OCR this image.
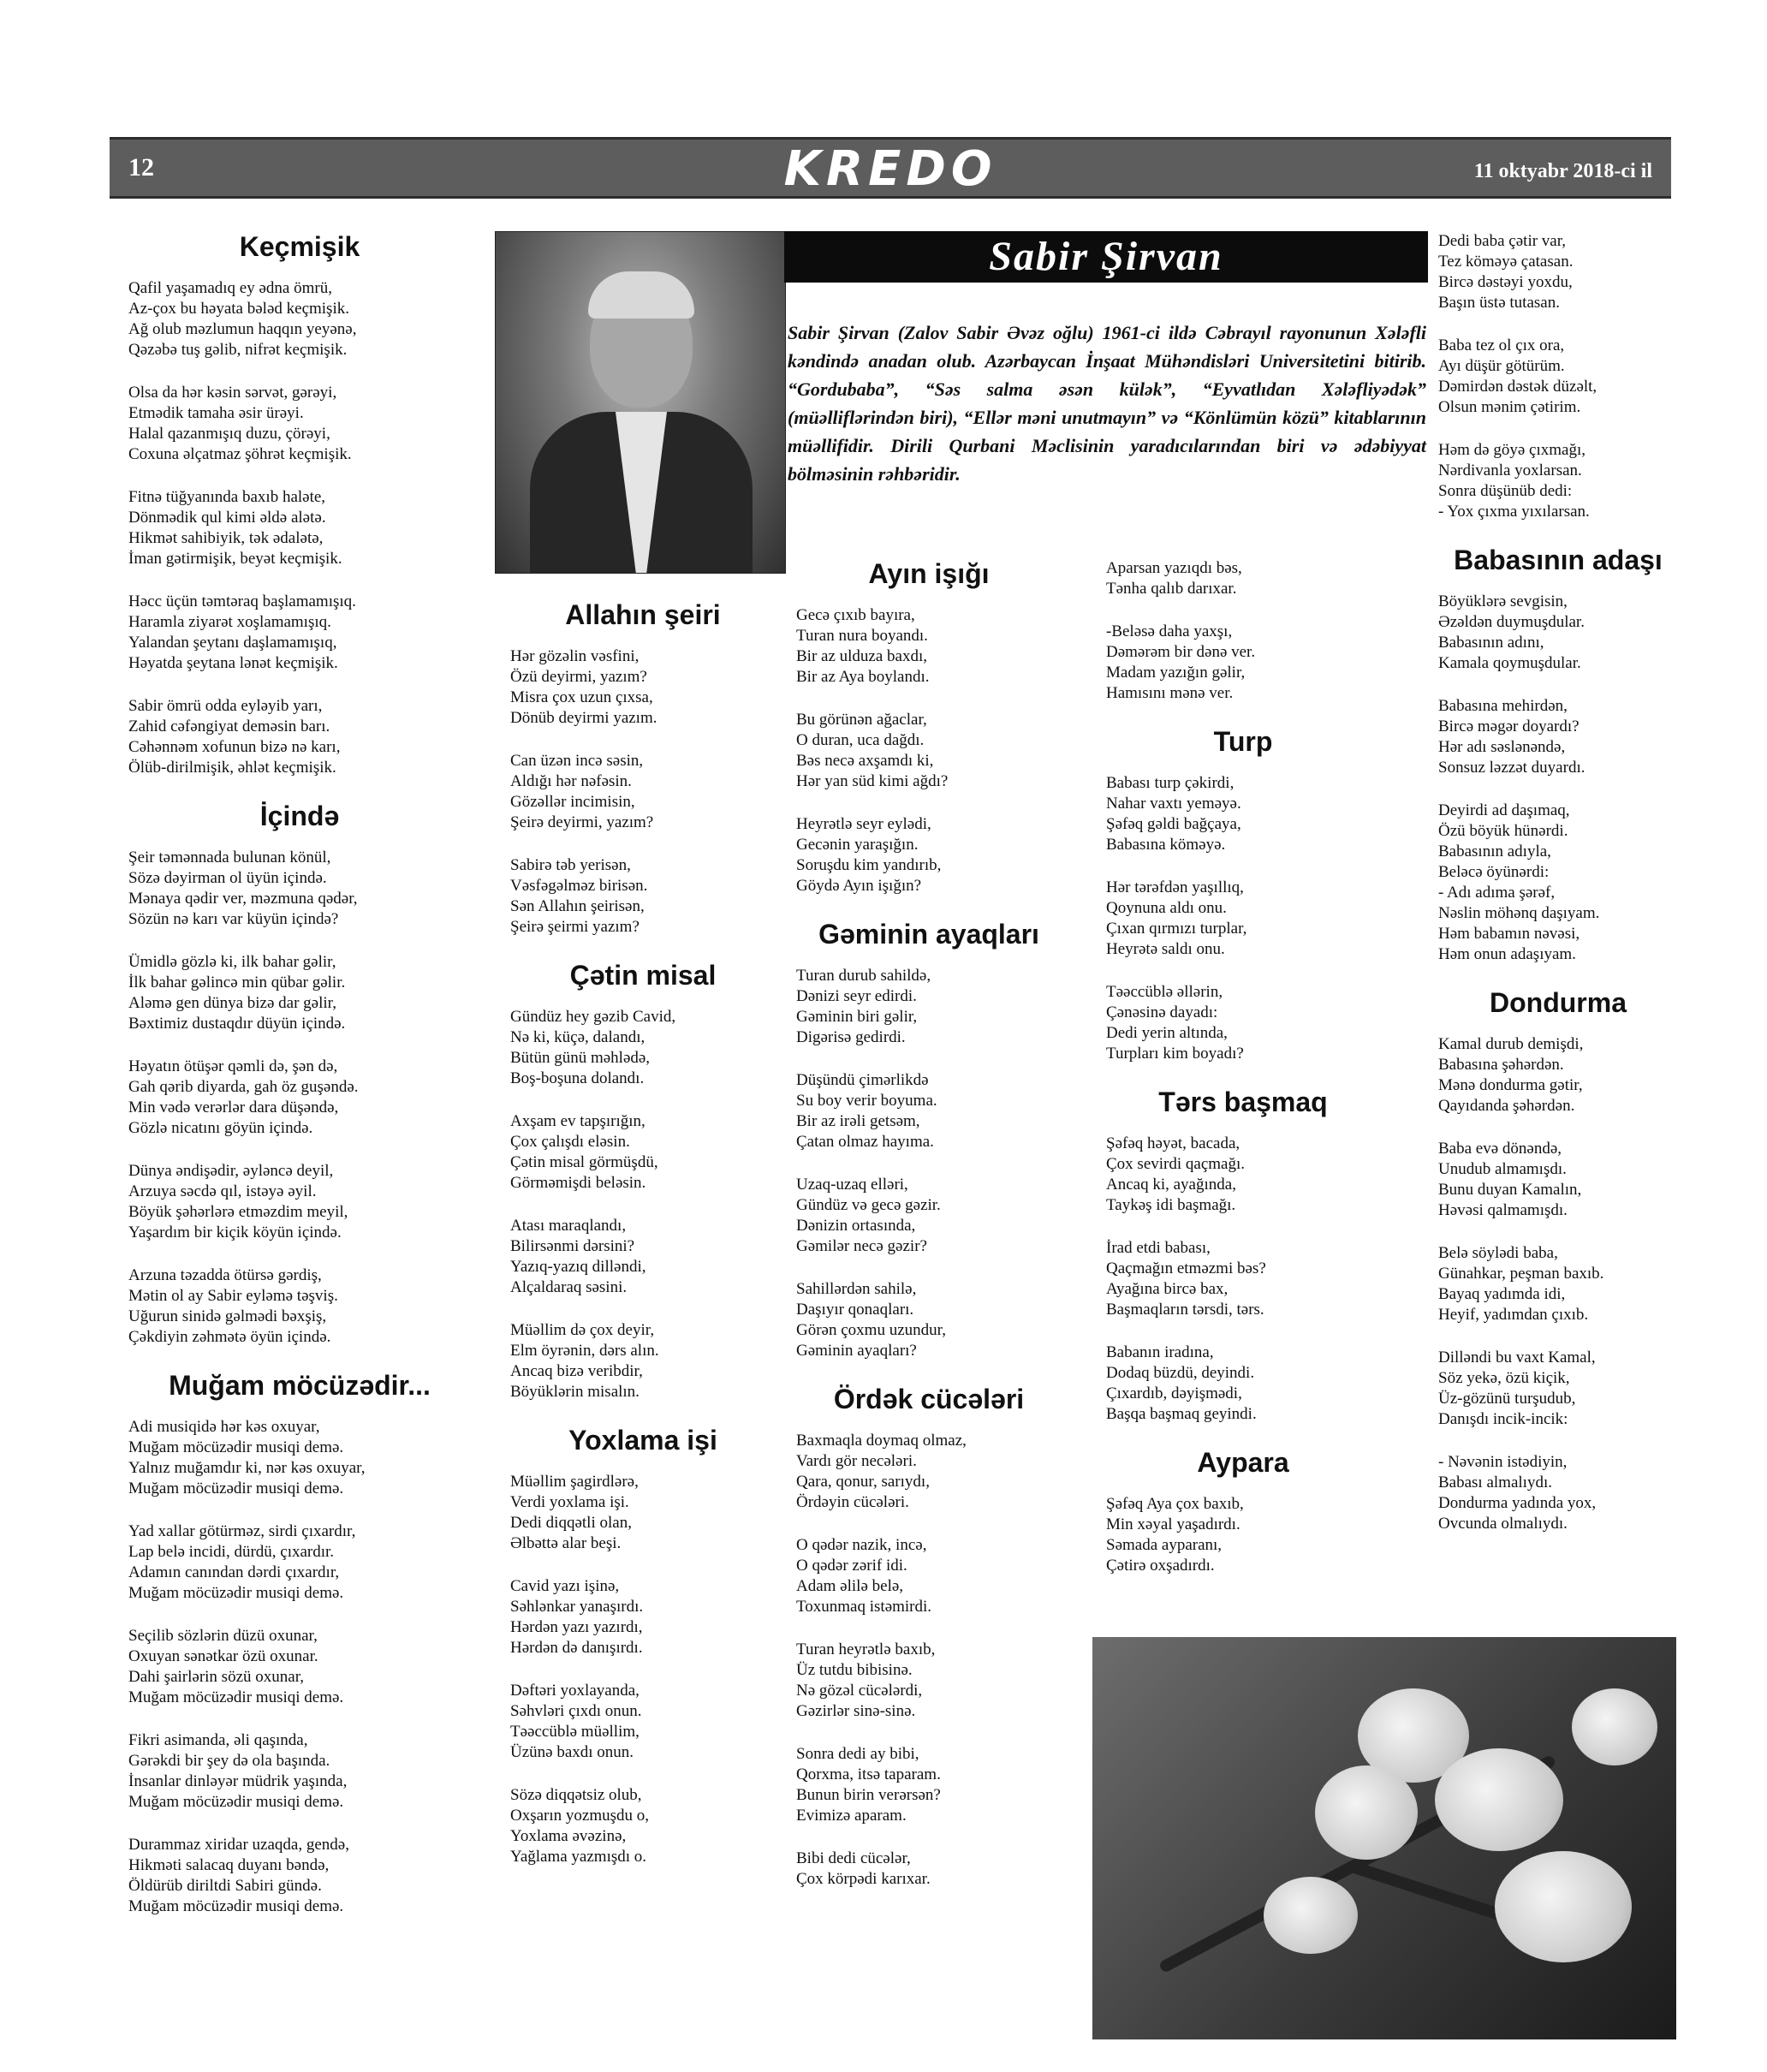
12	KREDO	11 oktyabr 2018-ci il
Keçmişik
Qafil yaşamadıq ey ədna ömrü,
Az-çox bu həyata bələd keçmişik.
Ağ olub məzlumun haqqın yeyənə,
Qəzəbə tuş gəlib, nifrət keçmişik.
Olsa da hər kəsin sərvət, gərəyi,
Etmədik tamaha əsir ürəyi.
Halal qazanmışıq duzu, çörəyi,
Coxuna əlçatmaz şöhrət keçmişik.
Fitnə tüğyanında baxıb haləte,
Dönmədik qul kimi əldə alətə.
Hikmət sahibiyik, tək ədalətə,
İman gətirmişik, beyət keçmişik.
Həcc üçün təmtəraq başlamamışıq.
Haramla ziyarət xoşlamamışıq.
Yalandan şeytanı daşlamamışıq,
Həyatda şeytana lənət keçmişik.
Sabir ömrü odda eyləyib yarı,
Zahid cəfəngiyat deməsin barı.
Cəhənnəm xofunun bizə nə karı,
Ölüb-dirilmişik, əhlət keçmişik.
İçində
Şeir təmənnada bulunan könül,
Sözə dəyirman ol üyün içində.
Mənaya qədir ver, məzmuna qədər,
Sözün nə karı var küyün içində?
Ümidlə gözlə ki, ilk bahar gəlir,
İlk bahar gəlincə min qübar gəlir.
Aləmə gen dünya bizə dar gəlir,
Bəxtimiz dustaqdır düyün içində.
Həyatın ötüşər qəmli də, şən də,
Gah qərib diyarda, gah öz guşəndə.
Min vədə verərlər dara düşəndə,
Gözlə nicatını göyün içində.
Dünya əndişədir, əyləncə deyil,
Arzuya səcdə qıl, istəyə əyil.
Böyük şəhərlərə etməzdim meyil,
Yaşardım bir kiçik köyün içində.
Arzuna təzadda ötürsə gərdiş,
Mətin ol ay Sabir eyləmə təşviş.
Uğurun sinidə gəlmədi bəxşiş,
Çəkdiyin zəhmətə öyün içində.
Muğam möcüzədir...
Adi musiqidə hər kəs oxuyar,
Muğam möcüzədir musiqi demə.
Yalnız muğamdır ki, nər kəs oxuyar,
Muğam möcüzədir musiqi demə.
Yad xallar götürməz, sirdi çıxardır,
Lap belə incidi, dürdü, çıxardır.
Adamın canından dərdi çıxardır,
Muğam möcüzədir musiqi demə.
Seçilib sözlərin düzü oxunar,
Oxuyan sənətkar özü oxunar.
Dahi şairlərin sözü oxunar,
Muğam möcüzədir musiqi demə.
Fikri asimanda, əli qaşında,
Gərəkdi bir şey də ola başında.
İnsanlar dinləyər müdrik yaşında,
Muğam möcüzədir musiqi demə.
Durammaz xiridar uzaqda, gendə,
Hikməti salacaq duyanı bəndə,
Öldürüb diriltdi Sabiri gündə.
Muğam möcüzədir musiqi demə.
Sabir Şirvan
Sabir Şirvan (Zalov Sabir Əvəz oğlu) 1961-ci ildə Cəbrayıl rayonunun Xələfli kəndində anadan olub. Azərbaycan İnşaat Mühəndisləri Universitetini bitirib. “Gordubaba”, “Səs salma əsən külək”, “Eyvatlıdan Xələfliyədək” (müəlliflərindən biri), “Ellər məni unutmayın” və “Könlümün közü” kitablarının müəllifidir. Dirili Qurbani Məclisinin yaradıcılarından biri və ədəbiyyat bölməsinin rəhbəridir.
Allahın şeiri
Hər gözəlin vəsfini,
Özü deyirmi, yazım?
Misra çox uzun çıxsa,
Dönüb deyirmi yazım.
Can üzən incə səsin,
Aldığı hər nəfəsin.
Gözəllər incimisin,
Şeirə deyirmi, yazım?
Sabirə təb yerisən,
Vəsfəgəlməz birisən.
Sən Allahın şeirisən,
Şeirə şeirmi yazım?
Çətin misal
Gündüz hey gəzib Cavid,
Nə ki, küçə, dalandı,
Bütün günü məhlədə,
Boş-boşuna dolandı.
Axşam ev tapşırığın,
Çox çalışdı eləsin.
Çətin misal görmüşdü,
Görməmişdi beləsin.
Atası maraqlandı,
Bilirsənmi dərsini?
Yazıq-yazıq dilləndi,
Alçaldaraq səsini.
Müəllim də çox deyir,
Elm öyrənin, dərs alın.
Ancaq bizə veribdir,
Böyüklərin misalın.
Yoxlama işi
Müəllim şagirdlərə,
Verdi yoxlama işi.
Dedi diqqətli olan,
Əlbəttə alar beşi.
Cavid yazı işinə,
Səhlənkar yanaşırdı.
Hərdən yazı yazırdı,
Hərdən də danışırdı.
Dəftəri yoxlayanda,
Səhvləri çıxdı onun.
Təəccüblə müəllim,
Üzünə baxdı onun.
Sözə diqqətsiz olub,
Oxşarın yozmuşdu o,
Yoxlama əvəzinə,
Yağlama yazmışdı o.
Ayın işığı
Gecə çıxıb bayıra,
Turan nura boyandı.
Bir az ulduza baxdı,
Bir az Aya boylandı.
Bu görünən ağaclar,
O duran, uca dağdı.
Bəs necə axşamdı ki,
Hər yan süd kimi ağdı?
Heyrətlə seyr eylədi,
Gecənin yaraşığın.
Soruşdu kim yandırıb,
Göydə Ayın işığın?
Gəminin ayaqları
Turan durub sahildə,
Dənizi seyr edirdi.
Gəminin biri gəlir,
Digərisə gedirdi.
Düşündü çimərlikdə
Su boy verir boyuma.
Bir az irəli getsəm,
Çatan olmaz hayıma.
Uzaq-uzaq elləri,
Gündüz və gecə gəzir.
Dənizin ortasında,
Gəmilər necə gəzir?
Sahillərdən sahilə,
Daşıyır qonaqları.
Görən çoxmu uzundur,
Gəminin ayaqları?
Ördək cücələri
Baxmaqla doymaq olmaz,
Vardı gör necələri.
Qara, qonur, sarıydı,
Ördəyin cücələri.
O qədər nazik, incə,
O qədər zərif idi.
Adam əlilə belə,
Toxunmaq istəmirdi.
Turan heyrətlə baxıb,
Üz tutdu bibisinə.
Nə gözəl cücələrdi,
Gəzirlər sinə-sinə.
Sonra dedi ay bibi,
Qorxma, itsə taparam.
Bunun birin verərsən?
Evimizə aparam.
Bibi dedi cücələr,
Çox körpədi karıxar.
Aparsan yazıqdı bəs,
Tənha qalıb darıxar.
-Beləsə daha yaxşı,
Dəmərəm bir dənə ver.
Madam yazığın gəlir,
Hamısını mənə ver.
Turp
Babası turp çəkirdi,
Nahar vaxtı yeməyə.
Şəfəq gəldi bağçaya,
Babasına köməyə.
Hər tərəfdən yaşıllıq,
Qoynuna aldı onu.
Çıxan qırmızı turplar,
Heyrətə saldı onu.
Təəccüblə əllərin,
Çənəsinə dayadı:
Dedi yerin altında,
Turpları kim boyadı?
Tərs başmaq
Şəfəq həyət, bacada,
Çox sevirdi qaçmağı.
Ancaq ki, ayağında,
Taykəş idi başmağı.
İrad etdi babası,
Qaçmağın etməzmi bəs?
Ayağına bircə bax,
Başmaqların tərsdi, tərs.
Babanın iradına,
Dodaq büzdü, deyindi.
Çıxardıb, dəyişmədi,
Başqa başmaq geyindi.
Aypara
Şəfəq Aya çox baxıb,
Min xəyal yaşadırdı.
Səmada ayparanı,
Çətirə oxşadırdı.
Dedi baba çətir var,
Tez köməyə çatasan.
Bircə dəstəyi yoxdu,
Başın üstə tutasan.
Baba tez ol çıx ora,
Ayı düşür götürüm.
Dəmirdən dəstək düzəlt,
Olsun mənim çətirim.
Həm də göyə çıxmağı,
Nərdivanla yoxlarsan.
Sonra düşünüb dedi:
- Yox çıxma yıxılarsan.
Babasının adaşı
Böyüklərə sevgisin,
Əzəldən duymuşdular.
Babasının adını,
Kamala qoymuşdular.
Babasına mehirdən,
Bircə məgər doyardı?
Hər adı səslənəndə,
Sonsuz ləzzət duyardı.
Deyirdi ad daşımaq,
Özü böyük hünərdi.
Babasının adıyla,
Beləcə öyünərdi:
- Adı adıma şərəf,
Nəslin möhənq daşıyam.
Həm babamın nəvəsi,
Həm onun adaşıyam.
Dondurma
Kamal durub demişdi,
Babasına şəhərdən.
Mənə dondurma gətir,
Qayıdanda şəhərdən.
Baba evə dönəndə,
Unudub almamışdı.
Bunu duyan Kamalın,
Həvəsi qalmamışdı.
Belə söylədi baba,
Günahkar, peşman baxıb.
Bayaq yadımda idi,
Heyif, yadımdan çıxıb.
Dilləndi bu vaxt Kamal,
Söz yekə, özü kiçik,
Üz-gözünü turşudub,
Danışdı incik-incik:
- Nəvənin istədiyin,
Babası almalıydı.
Dondurma yadında yox,
Ovcunda olmalıydı.
